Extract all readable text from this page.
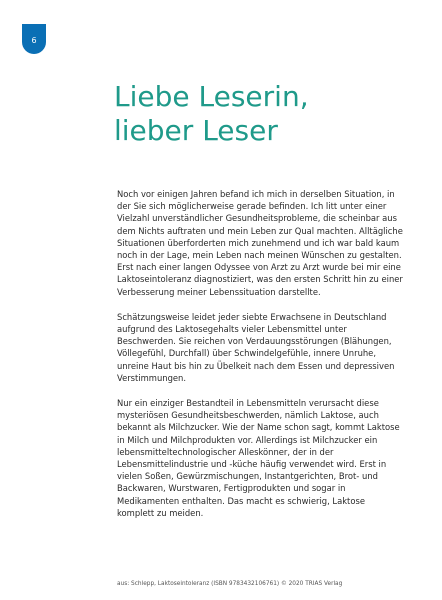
6
Liebe Leserin,
lieber Leser

Noch vor einigen Jahren befand ich mich in derselben Situation, in der Sie sich möglicherweise gerade befinden. Ich litt unter einer Vielzahl unverständlicher Gesundheitsprobleme, die scheinbar aus dem Nichts auftraten und mein Leben zur Qual machten. Alltägliche Situationen überforderten mich zunehmend und ich war bald kaum noch in der Lage, mein Leben nach meinen Wünschen zu gestalten. Erst nach einer langen Odyssee von Arzt zu Arzt wurde bei mir eine Laktoseintoleranz diagnostiziert, was den ersten Schritt hin zu einer Verbesserung meiner Lebenssituation darstellte.

Schätzungsweise leidet jeder siebte Erwachsene in Deutschland aufgrund des Laktosegehalts vieler Lebensmittel unter Beschwerden. Sie reichen von Verdauungsstörungen (Blähungen, Völlegefühl, Durchfall) über Schwindelgefühle, innere Unruhe, unreine Haut bis hin zu Übelkeit nach dem Essen und depressiven Verstimmungen.

Nur ein einziger Bestandteil in Lebensmitteln verursacht diese mysteriösen Gesundheitsbeschwerden, nämlich Laktose, auch bekannt als Milchzucker. Wie der Name schon sagt, kommt Laktose in Milch und Milchprodukten vor. Allerdings ist Milchzucker ein lebensmitteltechnologischer Alleskönner, der in der Lebensmittelindustrie und -küche häufig verwendet wird. Erst in vielen Soßen, Gewürzmischungen, Instantgerichten, Brot- und Backwaren, Wurstwaren, Fertigprodukten und sogar in Medikamenten enthalten. Das macht es schwierig, Laktose komplett zu meiden.

aus: Schlepp, Laktoseintoleranz (ISBN 9783432106761) © 2020 TRIAS Verlag
